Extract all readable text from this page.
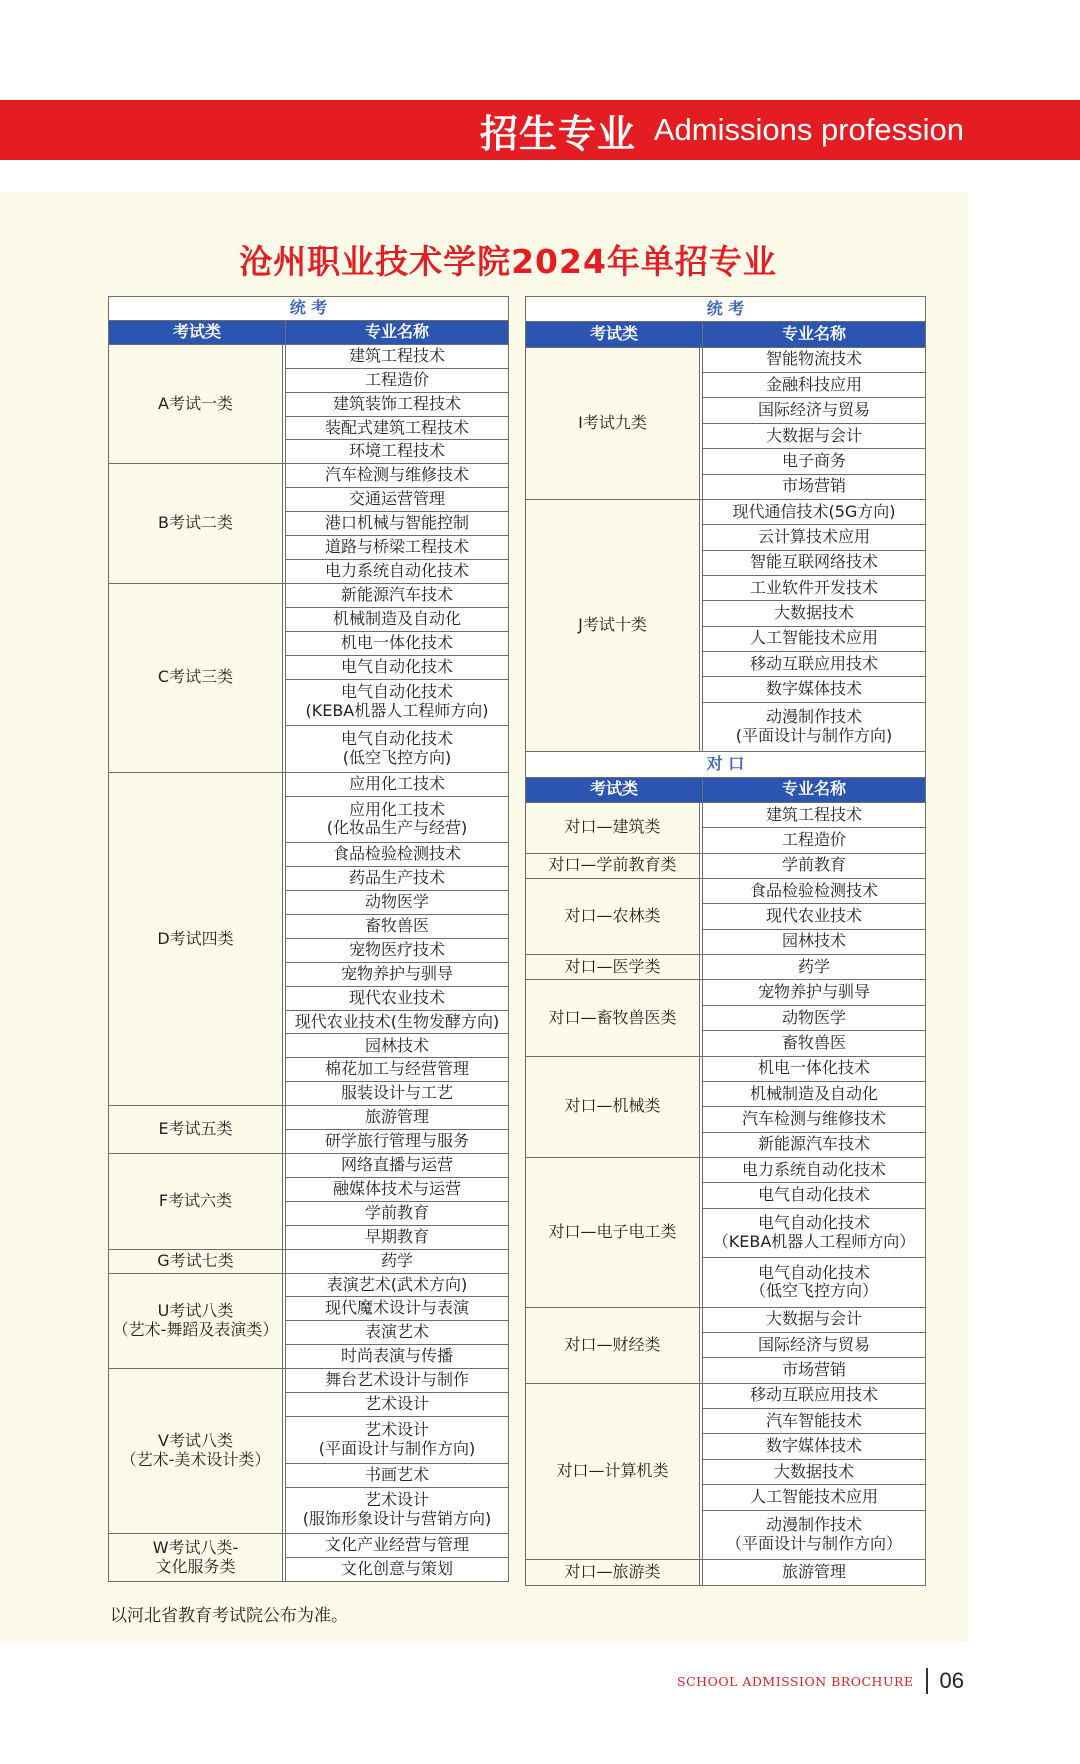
招生专业 Admissions profession
沧州职业技术学院2024年单招专业
统 考		
考试类		专业名称
A考试一类		建筑工程技术
		工程造价
		建筑装饰工程技术
		装配式建筑工程技术
		环境工程技术
B考试二类		汽车检测与维修技术
		交通运营管理
		港口机械与智能控制
		道路与桥梁工程技术
		电力系统自动化技术
C考试三类		新能源汽车技术
		机械制造及自动化
		机电一体化技术
		电气自动化技术
		电气自动化技术
(KEBA机器人工程师方向)
		电气自动化技术
(低空飞控方向)
D考试四类		应用化工技术
		应用化工技术
(化妆品生产与经营)
		食品检验检测技术
		药品生产技术
		动物医学
		畜牧兽医
		宠物医疗技术
		宠物养护与驯导
		现代农业技术
		现代农业技术(生物发酵方向)
		园林技术
		棉花加工与经营管理
		服装设计与工艺
E考试五类		旅游管理
		研学旅行管理与服务
F考试六类		网络直播与运营
		融媒体技术与运营
		学前教育
		早期教育
G考试七类		药学
U考试八类
（艺术-舞蹈及表演类）		表演艺术(武术方向)
		现代魔术设计与表演
		表演艺术
		时尚表演与传播
V考试八类
（艺术-美术设计类）		舞台艺术设计与制作
		艺术设计
		艺术设计
(平面设计与制作方向)
		书画艺术
		艺术设计
(服饰形象设计与营销方向)
W考试八类-
文化服务类		文化产业经营与管理
		文化创意与策划
统 考		
考试类		专业名称
I考试九类		智能物流技术
		金融科技应用
		国际经济与贸易
		大数据与会计
		电子商务
		市场营销
J考试十类		现代通信技术(5G方向)
		云计算技术应用
		智能互联网络技术
		工业软件开发技术
		大数据技术
		人工智能技术应用
		移动互联应用技术
		数字媒体技术
		动漫制作技术
(平面设计与制作方向)
对 口		
考试类		专业名称
对口—建筑类		建筑工程技术
		工程造价
对口—学前教育类		学前教育
对口—农林类		食品检验检测技术
		现代农业技术
		园林技术
对口—医学类		药学
对口—畜牧兽医类		宠物养护与驯导
		动物医学
		畜牧兽医
对口—机械类		机电一体化技术
		机械制造及自动化
		汽车检测与维修技术
		新能源汽车技术
对口—电子电工类		电力系统自动化技术
		电气自动化技术
		电气自动化技术
（KEBA机器人工程师方向）
		电气自动化技术
（低空飞控方向）
对口—财经类		大数据与会计
		国际经济与贸易
		市场营销
对口—计算机类		移动互联应用技术
		汽车智能技术
		数字媒体技术
		大数据技术
		人工智能技术应用
		动漫制作技术
（平面设计与制作方向）
对口—旅游类		旅游管理
以河北省教育考试院公布为准。
SCHOOL ADMISSION BROCHURE 06
